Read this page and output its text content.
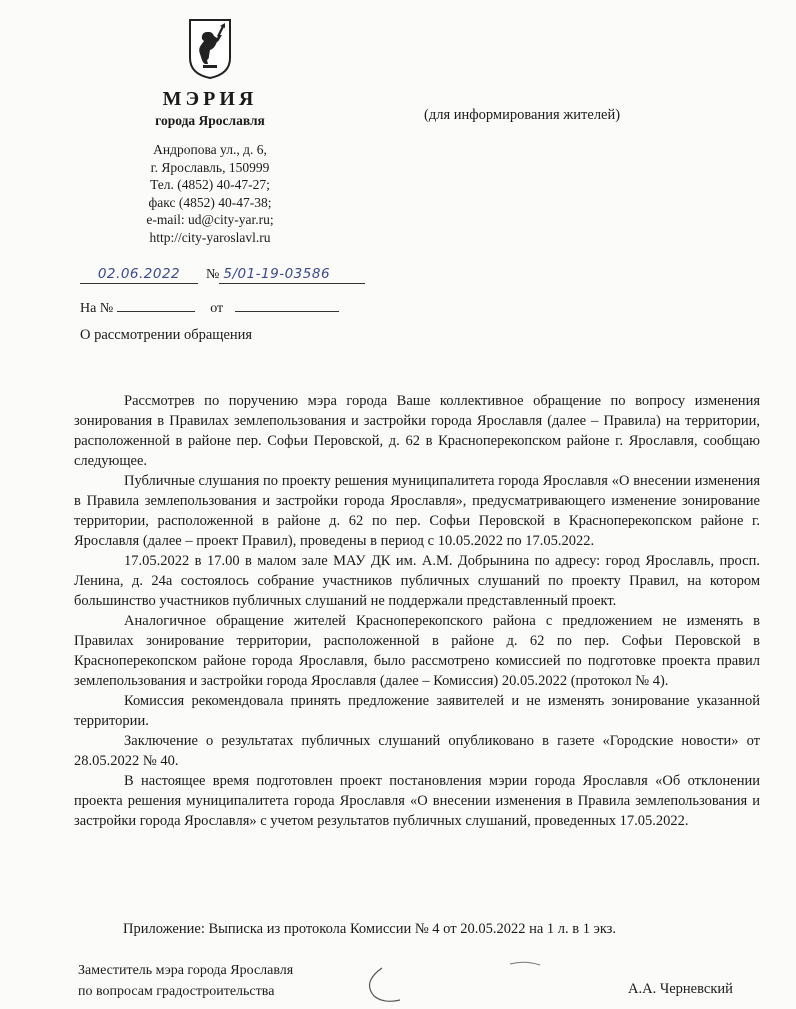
МЭРИЯ
города Ярославля
Андропова ул., д. 6,
г. Ярославль, 150999
Тел. (4852) 40-47-27;
факс (4852) 40-47-38;
e-mail: ud@city-yar.ru;
http://city-yaroslavl.ru
(для информирования жителей)
02.06.2022 № 5/01-19-03586
На №	от
О рассмотрении обращения

Рассмотрев по поручению мэра города Ваше коллективное обращение по вопросу изменения зонирования в Правилах землепользования и застройки города Ярославля (далее – Правила) на территории, расположенной в районе пер. Софьи Перовской, д. 62 в Красноперекопском районе г. Ярославля, сообщаю следующее.

Публичные слушания по проекту решения муниципалитета города Ярославля «О внесении изменения в Правила землепользования и застройки города Ярославля», предусматривающего изменение зонирование территории, расположенной в районе д. 62 по пер. Софьи Перовской в Красноперекопском районе г. Ярославля (далее – проект Правил), проведены в период с 10.05.2022 по 17.05.2022.

17.05.2022 в 17.00 в малом зале МАУ ДК им. А.М. Добрынина по адресу: город Ярославль, просп. Ленина, д. 24а состоялось собрание участников публичных слушаний по проекту Правил, на котором большинство участников публичных слушаний не поддержали представленный проект.

Аналогичное обращение жителей Красноперекопского района с предложением не изменять в Правилах зонирование территории, расположенной в районе д. 62 по пер. Софьи Перовской в Красноперекопском районе города Ярославля, было рассмотрено комиссией по подготовке проекта правил землепользования и застройки города Ярославля (далее – Комиссия) 20.05.2022 (протокол № 4).

Комиссия рекомендовала принять предложение заявителей и не изменять зонирование указанной территории.

Заключение о результатах публичных слушаний опубликовано в газете «Городские новости» от 28.05.2022 № 40.

В настоящее время подготовлен проект постановления мэрии города Ярославля «Об отклонении проекта решения муниципалитета города Ярославля «О внесении изменения в Правила землепользования и застройки города Ярославля» с учетом результатов публичных слушаний, проведенных 17.05.2022.

Приложение: Выписка из протокола Комиссии № 4 от 20.05.2022 на 1 л. в 1 экз.
Заместитель мэра города Ярославля
по вопросам градостроительства	А.А. Черневский
